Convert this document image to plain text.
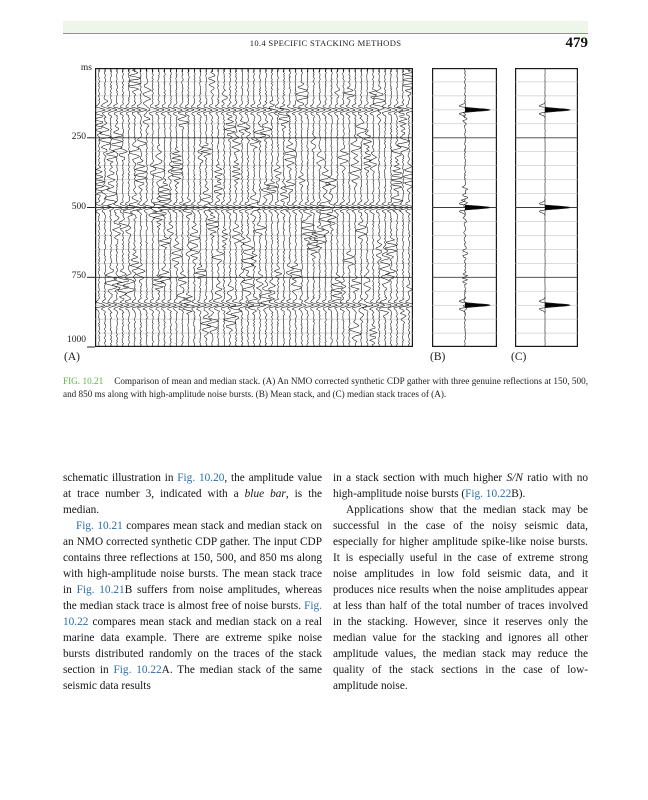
10.4 SPECIFIC STACKING METHODS	479
ms
250
500
750
1000
(A)	(B)	(C)
FIG. 10.21 Comparison of mean and median stack. (A) An NMO corrected synthetic CDP gather with three genuine reflections at 150, 500, and 850 ms along with high-amplitude noise bursts. (B) Mean stack, and (C) median stack traces of (A).

schematic illustration in Fig. 10.20, the amplitude value at trace number 3, indicated with a blue bar, is the median.

Fig. 10.21 compares mean stack and median stack on an NMO corrected synthetic CDP gather. The input CDP contains three reflections at 150, 500, and 850 ms along with high-amplitude noise bursts. The mean stack trace in Fig. 10.21B suffers from noise amplitudes, whereas the median stack trace is almost free of noise bursts. Fig. 10.22 compares mean stack and median stack on a real marine data example. There are extreme spike noise bursts distributed randomly on the traces of the stack section in Fig. 10.22A. The median stack of the same seismic data results

in a stack section with much higher S/N ratio with no high-amplitude noise bursts (Fig. 10.22B).

Applications show that the median stack may be successful in the case of the noisy seismic data, especially for higher amplitude spike-like noise bursts. It is especially useful in the case of extreme strong noise amplitudes in low fold seismic data, and it produces nice results when the noise amplitudes appear at less than half of the total number of traces involved in the stacking. However, since it reserves only the median value for the stacking and ignores all other amplitude values, the median stack may reduce the quality of the stack sections in the case of low-amplitude noise.
